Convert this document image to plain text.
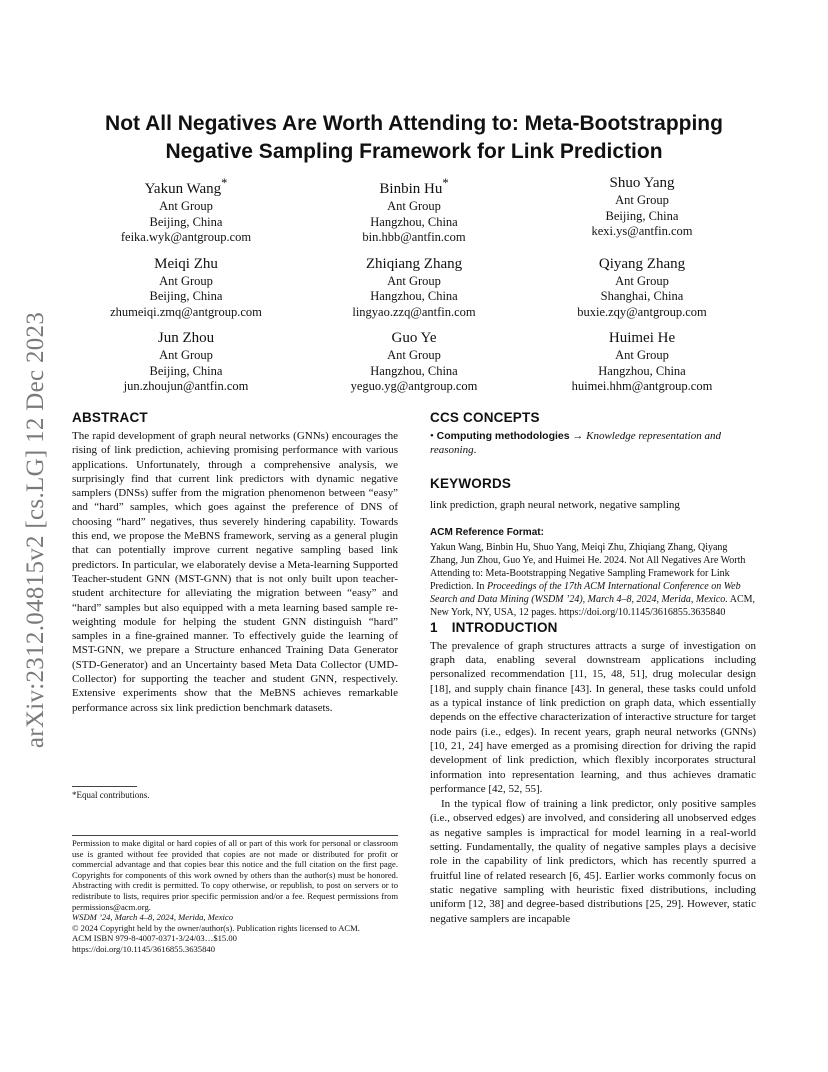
arXiv:2312.04815v2 [cs.LG] 12 Dec 2023
Not All Negatives Are Worth Attending to: Meta-Bootstrapping Negative Sampling Framework for Link Prediction
Yakun Wang*
Ant Group
Beijing, China
feika.wyk@antgroup.com
Binbin Hu*
Ant Group
Hangzhou, China
bin.hbb@antfin.com
Shuo Yang
Ant Group
Beijing, China
kexi.ys@antfin.com
Meiqi Zhu
Ant Group
Beijing, China
zhumeiqi.zmq@antgroup.com
Zhiqiang Zhang
Ant Group
Hangzhou, China
lingyao.zzq@antfin.com
Qiyang Zhang
Ant Group
Shanghai, China
buxie.zqy@antgroup.com
Jun Zhou
Ant Group
Beijing, China
jun.zhoujun@antfin.com
Guo Ye
Ant Group
Hangzhou, China
yeguo.yg@antgroup.com
Huimei He
Ant Group
Hangzhou, China
huimei.hhm@antgroup.com
ABSTRACT

The rapid development of graph neural networks (GNNs) encourages the rising of link prediction, achieving promising performance with various applications. Unfortunately, through a comprehensive analysis, we surprisingly find that current link predictors with dynamic negative samplers (DNSs) suffer from the migration phenomenon between “easy” and “hard” samples, which goes against the preference of DNS of choosing “hard” negatives, thus severely hindering capability. Towards this end, we propose the MeBNS framework, serving as a general plugin that can potentially improve current negative sampling based link predictors. In particular, we elaborately devise a Meta-learning Supported Teacher-student GNN (MST-GNN) that is not only built upon teacher-student architecture for alleviating the migration between “easy” and “hard” samples but also equipped with a meta learning based sample re-weighting module for helping the student GNN distinguish “hard” samples in a fine-grained manner. To effectively guide the learning of MST-GNN, we prepare a Structure enhanced Training Data Generator (STD-Generator) and an Uncertainty based Meta Data Collector (UMD-Collector) for supporting the teacher and student GNN, respectively. Extensive experiments show that the MeBNS achieves remarkable performance across six link prediction benchmark datasets.

*Equal contributions.
Permission to make digital or hard copies of all or part of this work for personal or classroom use is granted without fee provided that copies are not made or distributed for profit or commercial advantage and that copies bear this notice and the full citation on the first page. Copyrights for components of this work owned by others than the author(s) must be honored. Abstracting with credit is permitted. To copy otherwise, or republish, to post on servers or to redistribute to lists, requires prior specific permission and/or a fee. Request permissions from permissions@acm.org.
WSDM ’24, March 4–8, 2024, Merida, Mexico
© 2024 Copyright held by the owner/author(s). Publication rights licensed to ACM.
ACM ISBN 979-8-4007-0371-3/24/03…$15.00
https://doi.org/10.1145/3616855.3635840
CCS CONCEPTS

• Computing methodologies → Knowledge representation and reasoning.

KEYWORDS

link prediction, graph neural network, negative sampling

ACM Reference Format:

Yakun Wang, Binbin Hu, Shuo Yang, Meiqi Zhu, Zhiqiang Zhang, Qiyang Zhang, Jun Zhou, Guo Ye, and Huimei He. 2024. Not All Negatives Are Worth Attending to: Meta-Bootstrapping Negative Sampling Framework for Link Prediction. In Proceedings of the 17th ACM International Conference on Web Search and Data Mining (WSDM ’24), March 4–8, 2024, Merida, Mexico. ACM, New York, NY, USA, 12 pages. https://doi.org/10.1145/3616855.3635840

1 INTRODUCTION

The prevalence of graph structures attracts a surge of investigation on graph data, enabling several downstream applications including personalized recommendation [11, 15, 48, 51], drug molecular design [18], and supply chain finance [43]. In general, these tasks could unfold as a typical instance of link prediction on graph data, which essentially depends on the effective characterization of interactive structure for target node pairs (i.e., edges). In recent years, graph neural networks (GNNs) [10, 21, 24] have emerged as a promising direction for driving the rapid development of link prediction, which flexibly incorporates structural information into representation learning, and thus achieves dramatic performance [42, 52, 55].

In the typical flow of training a link predictor, only positive samples (i.e., observed edges) are involved, and considering all unobserved edges as negative samples is impractical for model learning in a real-world setting. Fundamentally, the quality of negative samples plays a decisive role in the capability of link predictors, which has recently spurred a fruitful line of related research [6, 45]. Earlier works commonly focus on static negative sampling with heuristic fixed distributions, including uniform [12, 38] and degree-based distributions [25, 29]. However, static negative samplers are incapable
